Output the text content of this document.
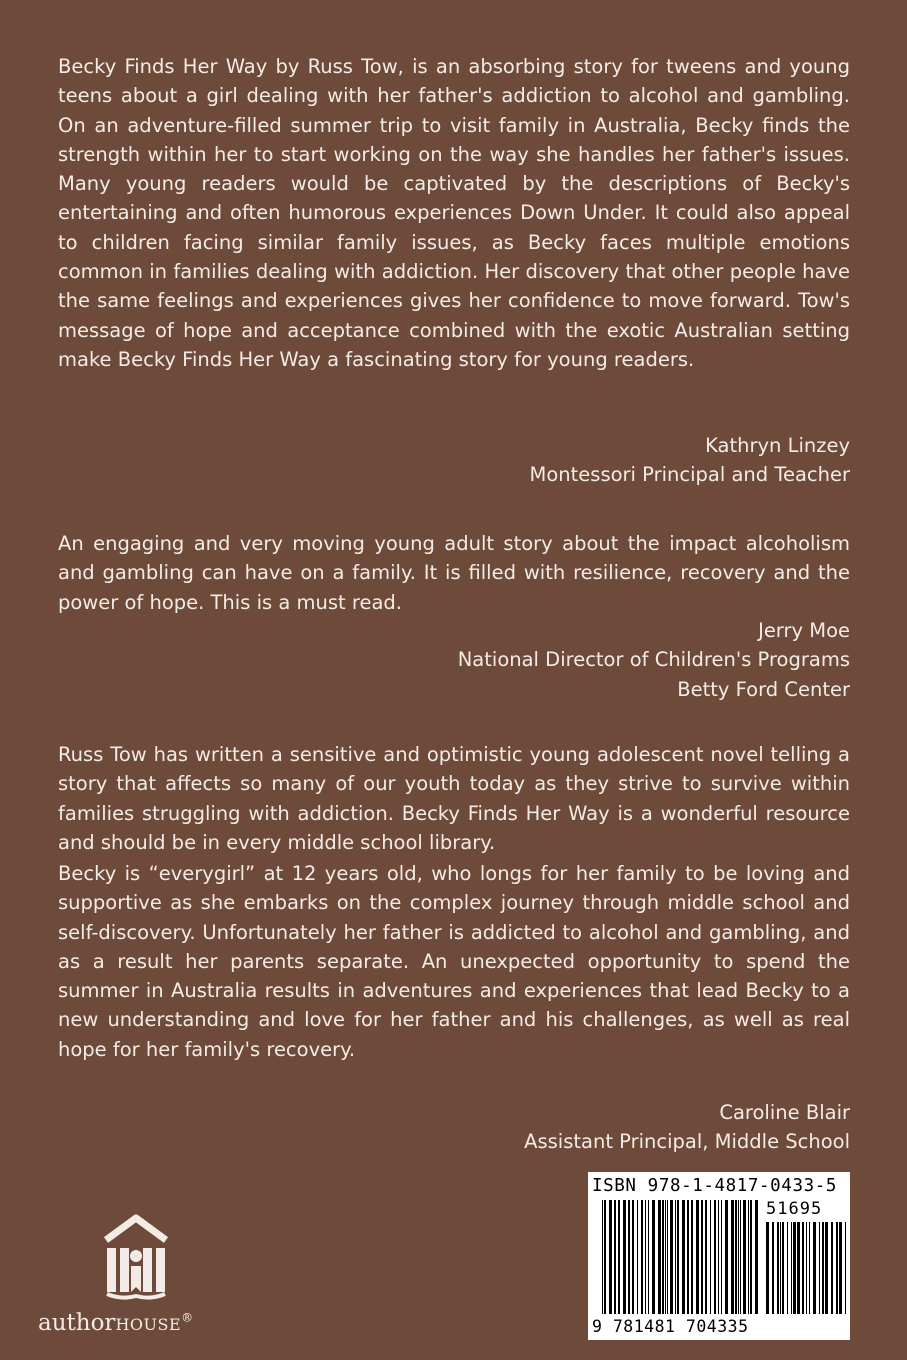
Becky Finds Her Way by Russ Tow, is an absorbing story for tweens and young teens about a girl dealing with her father's addiction to alcohol and gambling. On an adventure-filled summer trip to visit family in Australia, Becky finds the strength within her to start working on the way she handles her father's issues. Many young readers would be captivated by the descriptions of Becky's entertaining and often humorous experiences Down Under. It could also appeal to children facing similar family issues, as Becky faces multiple emotions common in families dealing with addiction. Her discovery that other people have the same feelings and experiences gives her confidence to move forward. Tow's message of hope and acceptance combined with the exotic Australian setting make Becky Finds Her Way a fascinating story for young readers.

Kathryn Linzey
Montessori Principal and Teacher

An engaging and very moving young adult story about the impact alcoholism and gambling can have on a family. It is filled with resilience, recovery and the power of hope. This is a must read.

Jerry Moe
National Director of Children's Programs
Betty Ford Center

Russ Tow has written a sensitive and optimistic young adolescent novel telling a story that affects so many of our youth today as they strive to survive within families struggling with addiction. Becky Finds Her Way is a wonderful resource and should be in every middle school library.

Becky is “everygirl” at 12 years old, who longs for her family to be loving and supportive as she embarks on the complex journey through middle school and self-discovery. Unfortunately her father is addicted to alcohol and gambling, and as a result her parents separate. An unexpected opportunity to spend the summer in Australia results in adventures and experiences that lead Becky to a new understanding and love for her father and his challenges, as well as real hope for her family's recovery.

Caroline Blair
Assistant Principal, Middle School
authorHOUSE®
ISBN 978-1-4817-0433-5
51695
9 781481 704335
